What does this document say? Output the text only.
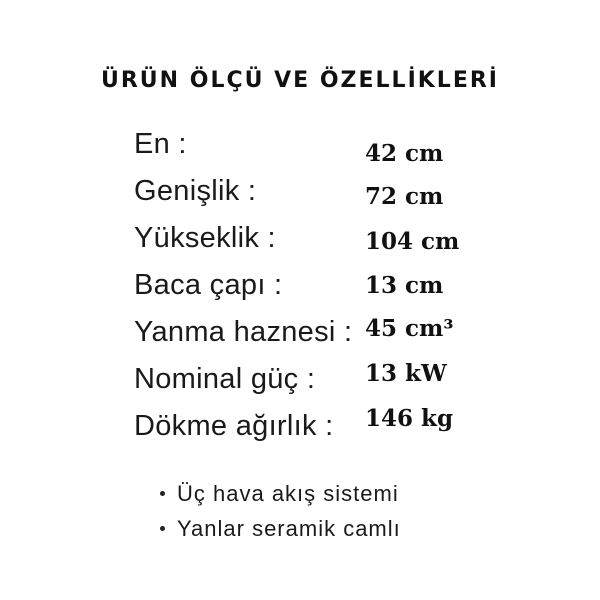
ÜRÜN ÖLÇÜ VE ÖZELLİKLERİ
En :	42 cm
Genişlik :	72 cm
Yükseklik :	104 cm
Baca çapı :	13 cm
Yanma haznesi : 45 cm³
Nominal güç : 13 kW
Dökme ağırlık : 146 kg
Üç hava akış sistemi
Yanlar seramik camlı
